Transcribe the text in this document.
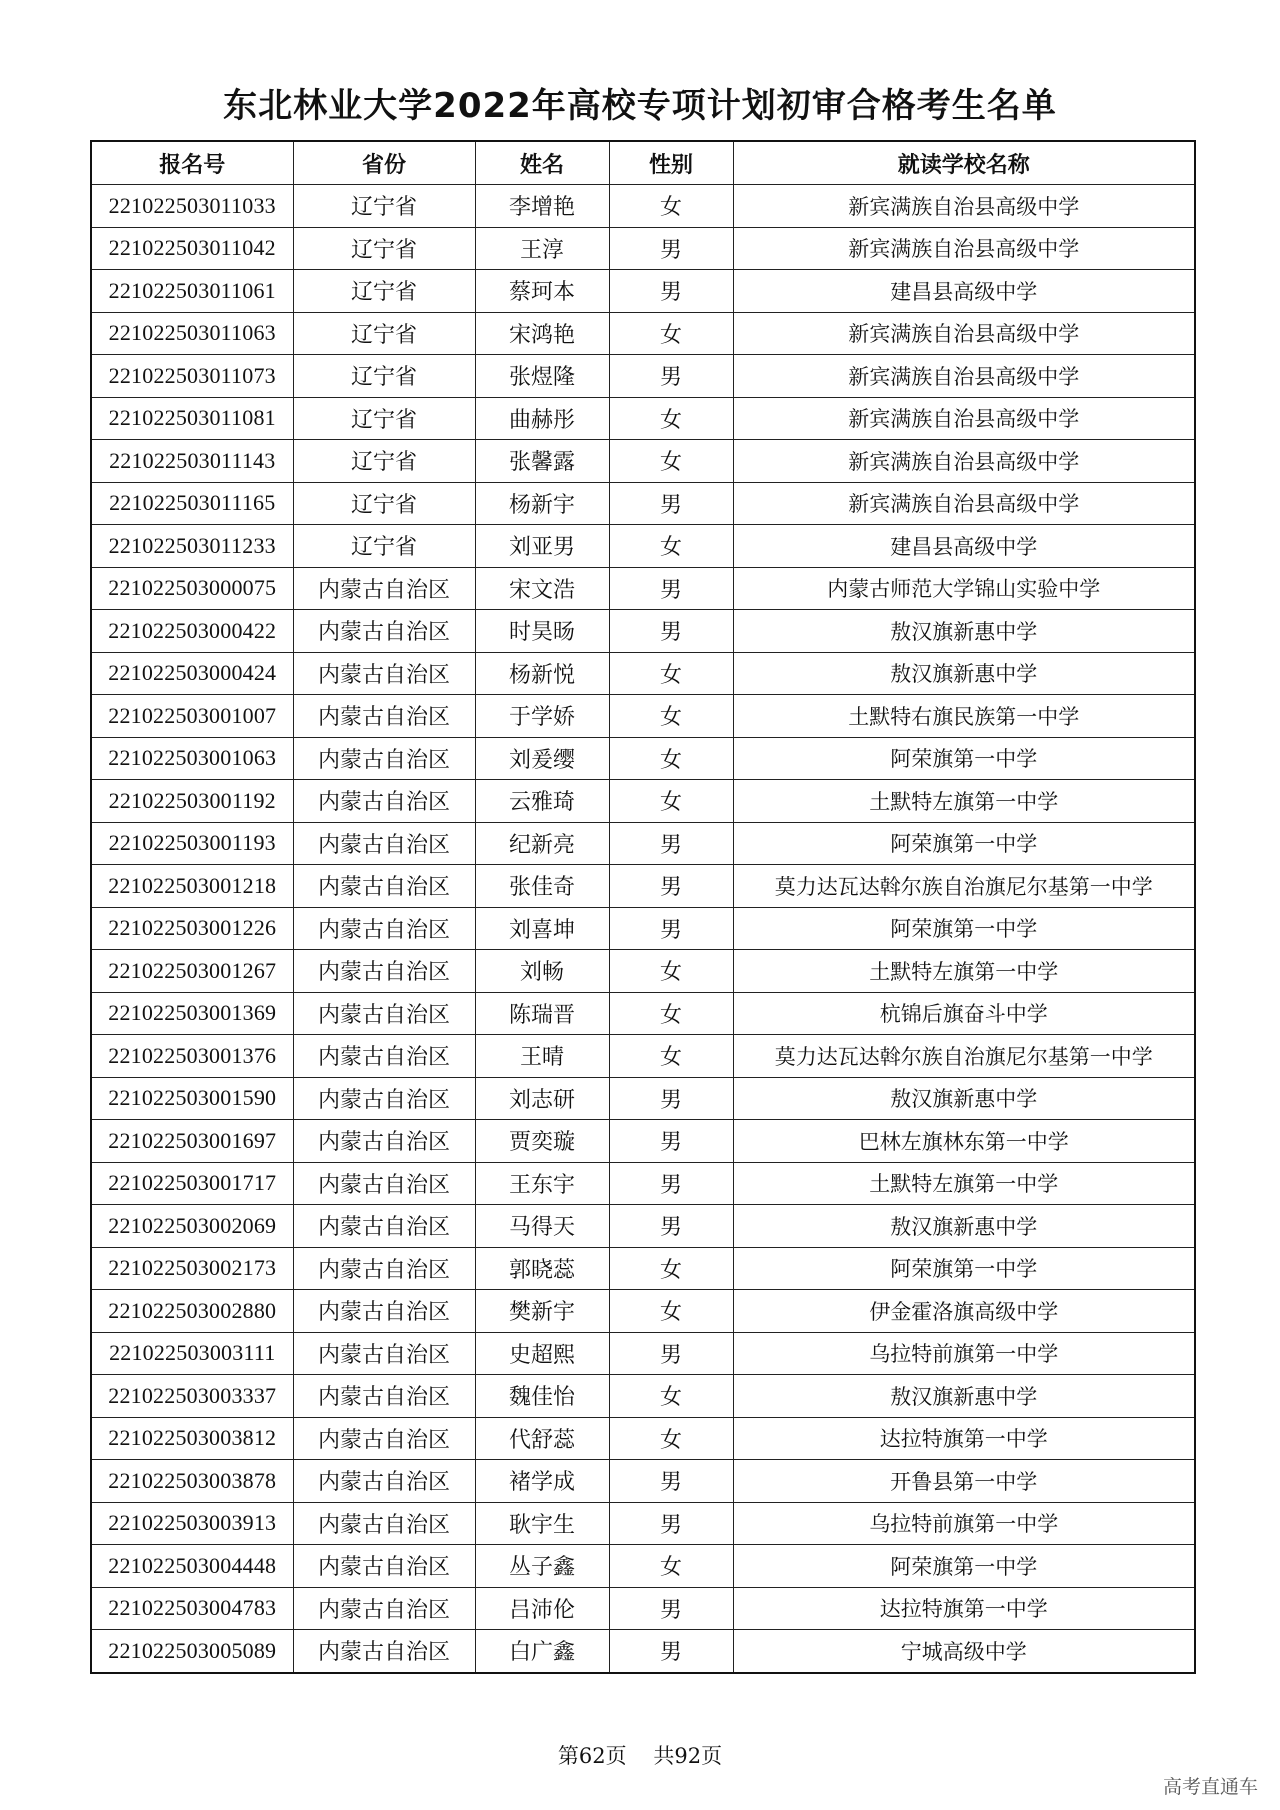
东北林业大学2022年高校专项计划初审合格考生名单
报名号	省份	姓名	性别	就读学校名称
221022503011033	辽宁省	李增艳	女	新宾满族自治县高级中学
221022503011042	辽宁省	王淳	男	新宾满族自治县高级中学
221022503011061	辽宁省	蔡珂本	男	建昌县高级中学
221022503011063	辽宁省	宋鸿艳	女	新宾满族自治县高级中学
221022503011073	辽宁省	张煜隆	男	新宾满族自治县高级中学
221022503011081	辽宁省	曲赫彤	女	新宾满族自治县高级中学
221022503011143	辽宁省	张馨露	女	新宾满族自治县高级中学
221022503011165	辽宁省	杨新宇	男	新宾满族自治县高级中学
221022503011233	辽宁省	刘亚男	女	建昌县高级中学
221022503000075	内蒙古自治区	宋文浩	男	内蒙古师范大学锦山实验中学
221022503000422	内蒙古自治区	时昊旸	男	敖汉旗新惠中学
221022503000424	内蒙古自治区	杨新悦	女	敖汉旗新惠中学
221022503001007	内蒙古自治区	于学娇	女	土默特右旗民族第一中学
221022503001063	内蒙古自治区	刘爰缨	女	阿荣旗第一中学
221022503001192	内蒙古自治区	云雅琦	女	土默特左旗第一中学
221022503001193	内蒙古自治区	纪新亮	男	阿荣旗第一中学
221022503001218	内蒙古自治区	张佳奇	男	莫力达瓦达斡尔族自治旗尼尔基第一中学
221022503001226	内蒙古自治区	刘喜坤	男	阿荣旗第一中学
221022503001267	内蒙古自治区	刘畅	女	土默特左旗第一中学
221022503001369	内蒙古自治区	陈瑞晋	女	杭锦后旗奋斗中学
221022503001376	内蒙古自治区	王晴	女	莫力达瓦达斡尔族自治旗尼尔基第一中学
221022503001590	内蒙古自治区	刘志研	男	敖汉旗新惠中学
221022503001697	内蒙古自治区	贾奕璇	男	巴林左旗林东第一中学
221022503001717	内蒙古自治区	王东宇	男	土默特左旗第一中学
221022503002069	内蒙古自治区	马得天	男	敖汉旗新惠中学
221022503002173	内蒙古自治区	郭晓蕊	女	阿荣旗第一中学
221022503002880	内蒙古自治区	樊新宇	女	伊金霍洛旗高级中学
221022503003111	内蒙古自治区	史超熙	男	乌拉特前旗第一中学
221022503003337	内蒙古自治区	魏佳怡	女	敖汉旗新惠中学
221022503003812	内蒙古自治区	代舒蕊	女	达拉特旗第一中学
221022503003878	内蒙古自治区	褚学成	男	开鲁县第一中学
221022503003913	内蒙古自治区	耿宇生	男	乌拉特前旗第一中学
221022503004448	内蒙古自治区	丛子鑫	女	阿荣旗第一中学
221022503004783	内蒙古自治区	吕沛伦	男	达拉特旗第一中学
221022503005089	内蒙古自治区	白广鑫	男	宁城高级中学
第62页 共92页
高考直通车
